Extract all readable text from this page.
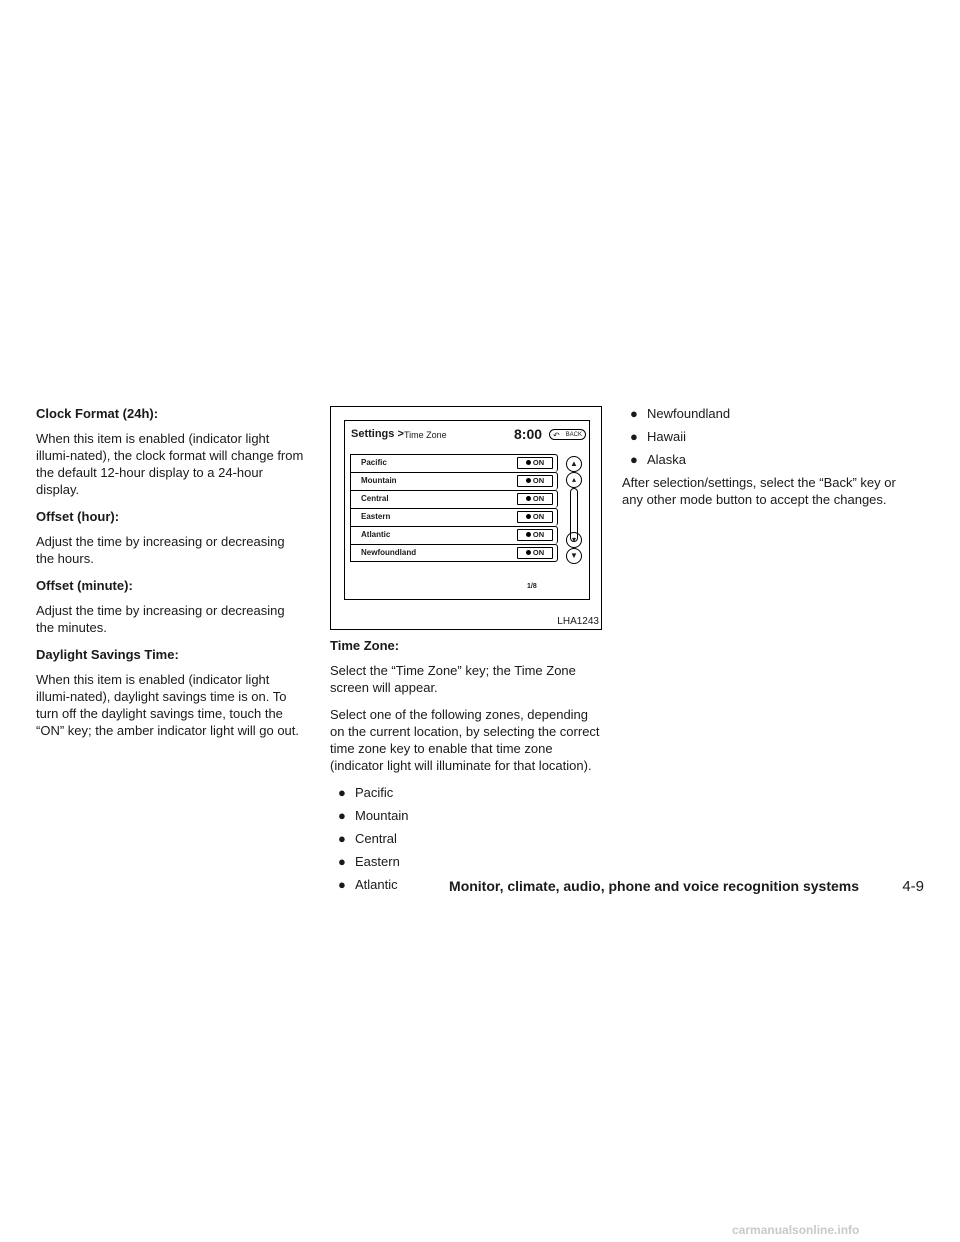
Clock Format (24h):

When this item is enabled (indicator light illumi-nated), the clock format will change from the default 12-hour display to a 24-hour display.

Offset (hour):

Adjust the time by increasing or decreasing the hours.

Offset (minute):

Adjust the time by increasing or decreasing the minutes.

Daylight Savings Time:

When this item is enabled (indicator light illumi-nated), daylight savings time is on. To turn off the daylight savings time, touch the “ON” key; the amber indicator light will go out.

Settings > Time Zone	8:00 ↶ BACK
Pacific	ON
Mountain	ON
Central	ON
Eastern	ON
Atlantic	ON
Newfoundland	ON
▲
▴
▾
▼
1/8
LHA1243
Time Zone:

Select the “Time Zone” key; the Time Zone screen will appear.

Select one of the following zones, depending on the current location, by selecting the correct time zone key to enable that time zone (indicator light will illuminate for that location).

● Pacific
● Mountain
● Central
● Eastern
● Atlantic
● Newfoundland
● Hawaii
● Alaska

After selection/settings, select the “Back” key or any other mode button to accept the changes.

Monitor, climate, audio, phone and voice recognition systems	4-9
carmanualsonline.info
